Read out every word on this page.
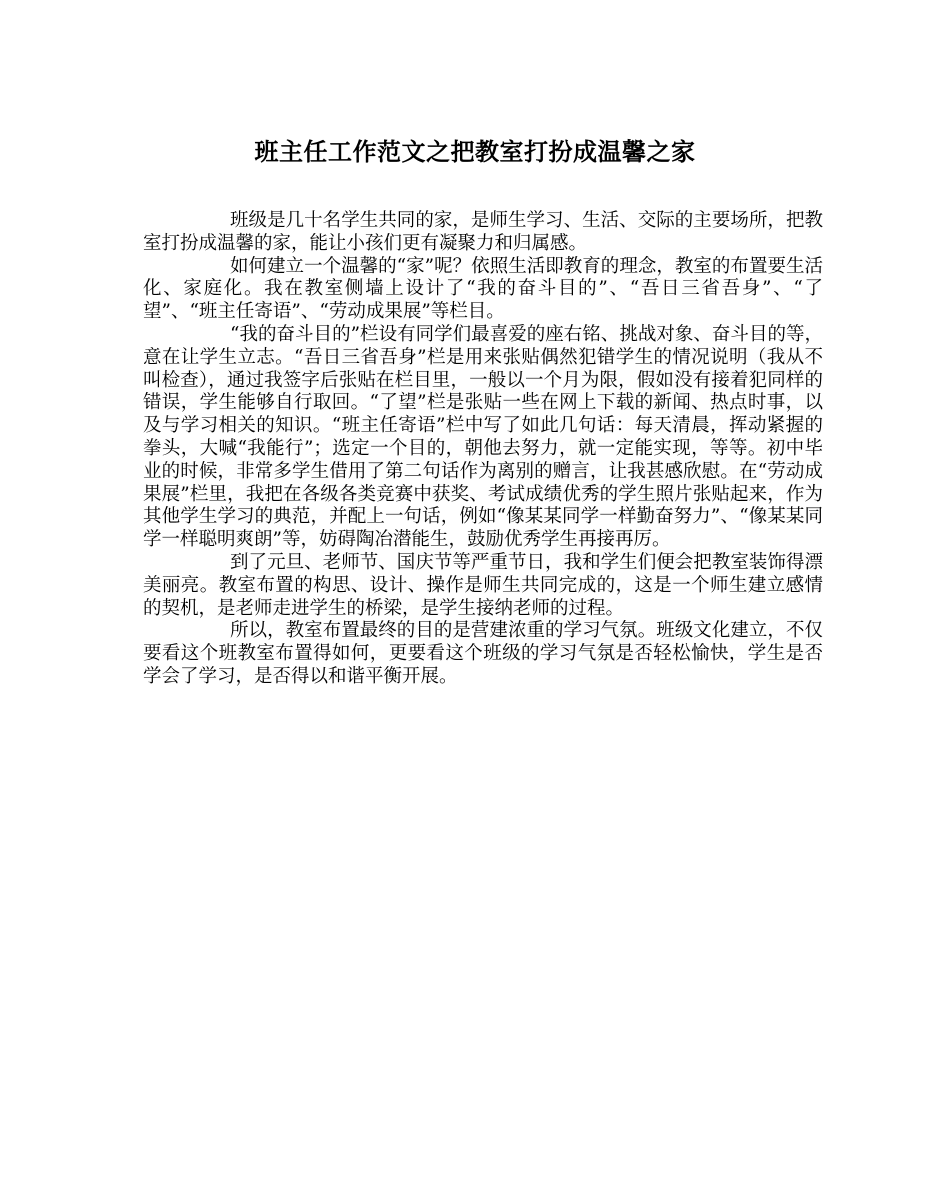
班主任工作范文之把教室打扮成温馨之家

班级是几十名学生共同的家，是师生学习、生活、交际的主要场所，把教室打扮成温馨的家，能让小孩们更有凝聚力和归属感。

如何建立一个温馨的“家”呢？依照生活即教育的理念，教室的布置要生活化、家庭化。我在教室侧墙上设计了“我的奋斗目的”、“吾日三省吾身”、“了望”、“班主任寄语”、“劳动成果展”等栏目。

“我的奋斗目的”栏设有同学们最喜爱的座右铭、挑战对象、奋斗目的等，意在让学生立志。“吾日三省吾身”栏是用来张贴偶然犯错学生的情况说明（我从不叫检查），通过我签字后张贴在栏目里，一般以一个月为限，假如没有接着犯同样的错误，学生能够自行取回。“了望”栏是张贴一些在网上下载的新闻、热点时事，以及与学习相关的知识。“班主任寄语”栏中写了如此几句话：每天清晨，挥动紧握的拳头，大喊“我能行”；选定一个目的，朝他去努力，就一定能实现，等等。初中毕业的时候，非常多学生借用了第二句话作为离别的赠言，让我甚感欣慰。在“劳动成果展”栏里，我把在各级各类竞赛中获奖、考试成绩优秀的学生照片张贴起来，作为其他学生学习的典范，并配上一句话，例如“像某某同学一样勤奋努力”、“像某某同学一样聪明爽朗”等，妨碍陶冶潜能生，鼓励优秀学生再接再厉。

到了元旦、老师节、国庆节等严重节日，我和学生们便会把教室装饰得漂美丽亮。教室布置的构思、设计、操作是师生共同完成的，这是一个师生建立感情的契机，是老师走进学生的桥梁，是学生接纳老师的过程。

所以，教室布置最终的目的是营建浓重的学习气氛。班级文化建立，不仅要看这个班教室布置得如何，更要看这个班级的学习气氛是否轻松愉快，学生是否学会了学习，是否得以和谐平衡开展。
